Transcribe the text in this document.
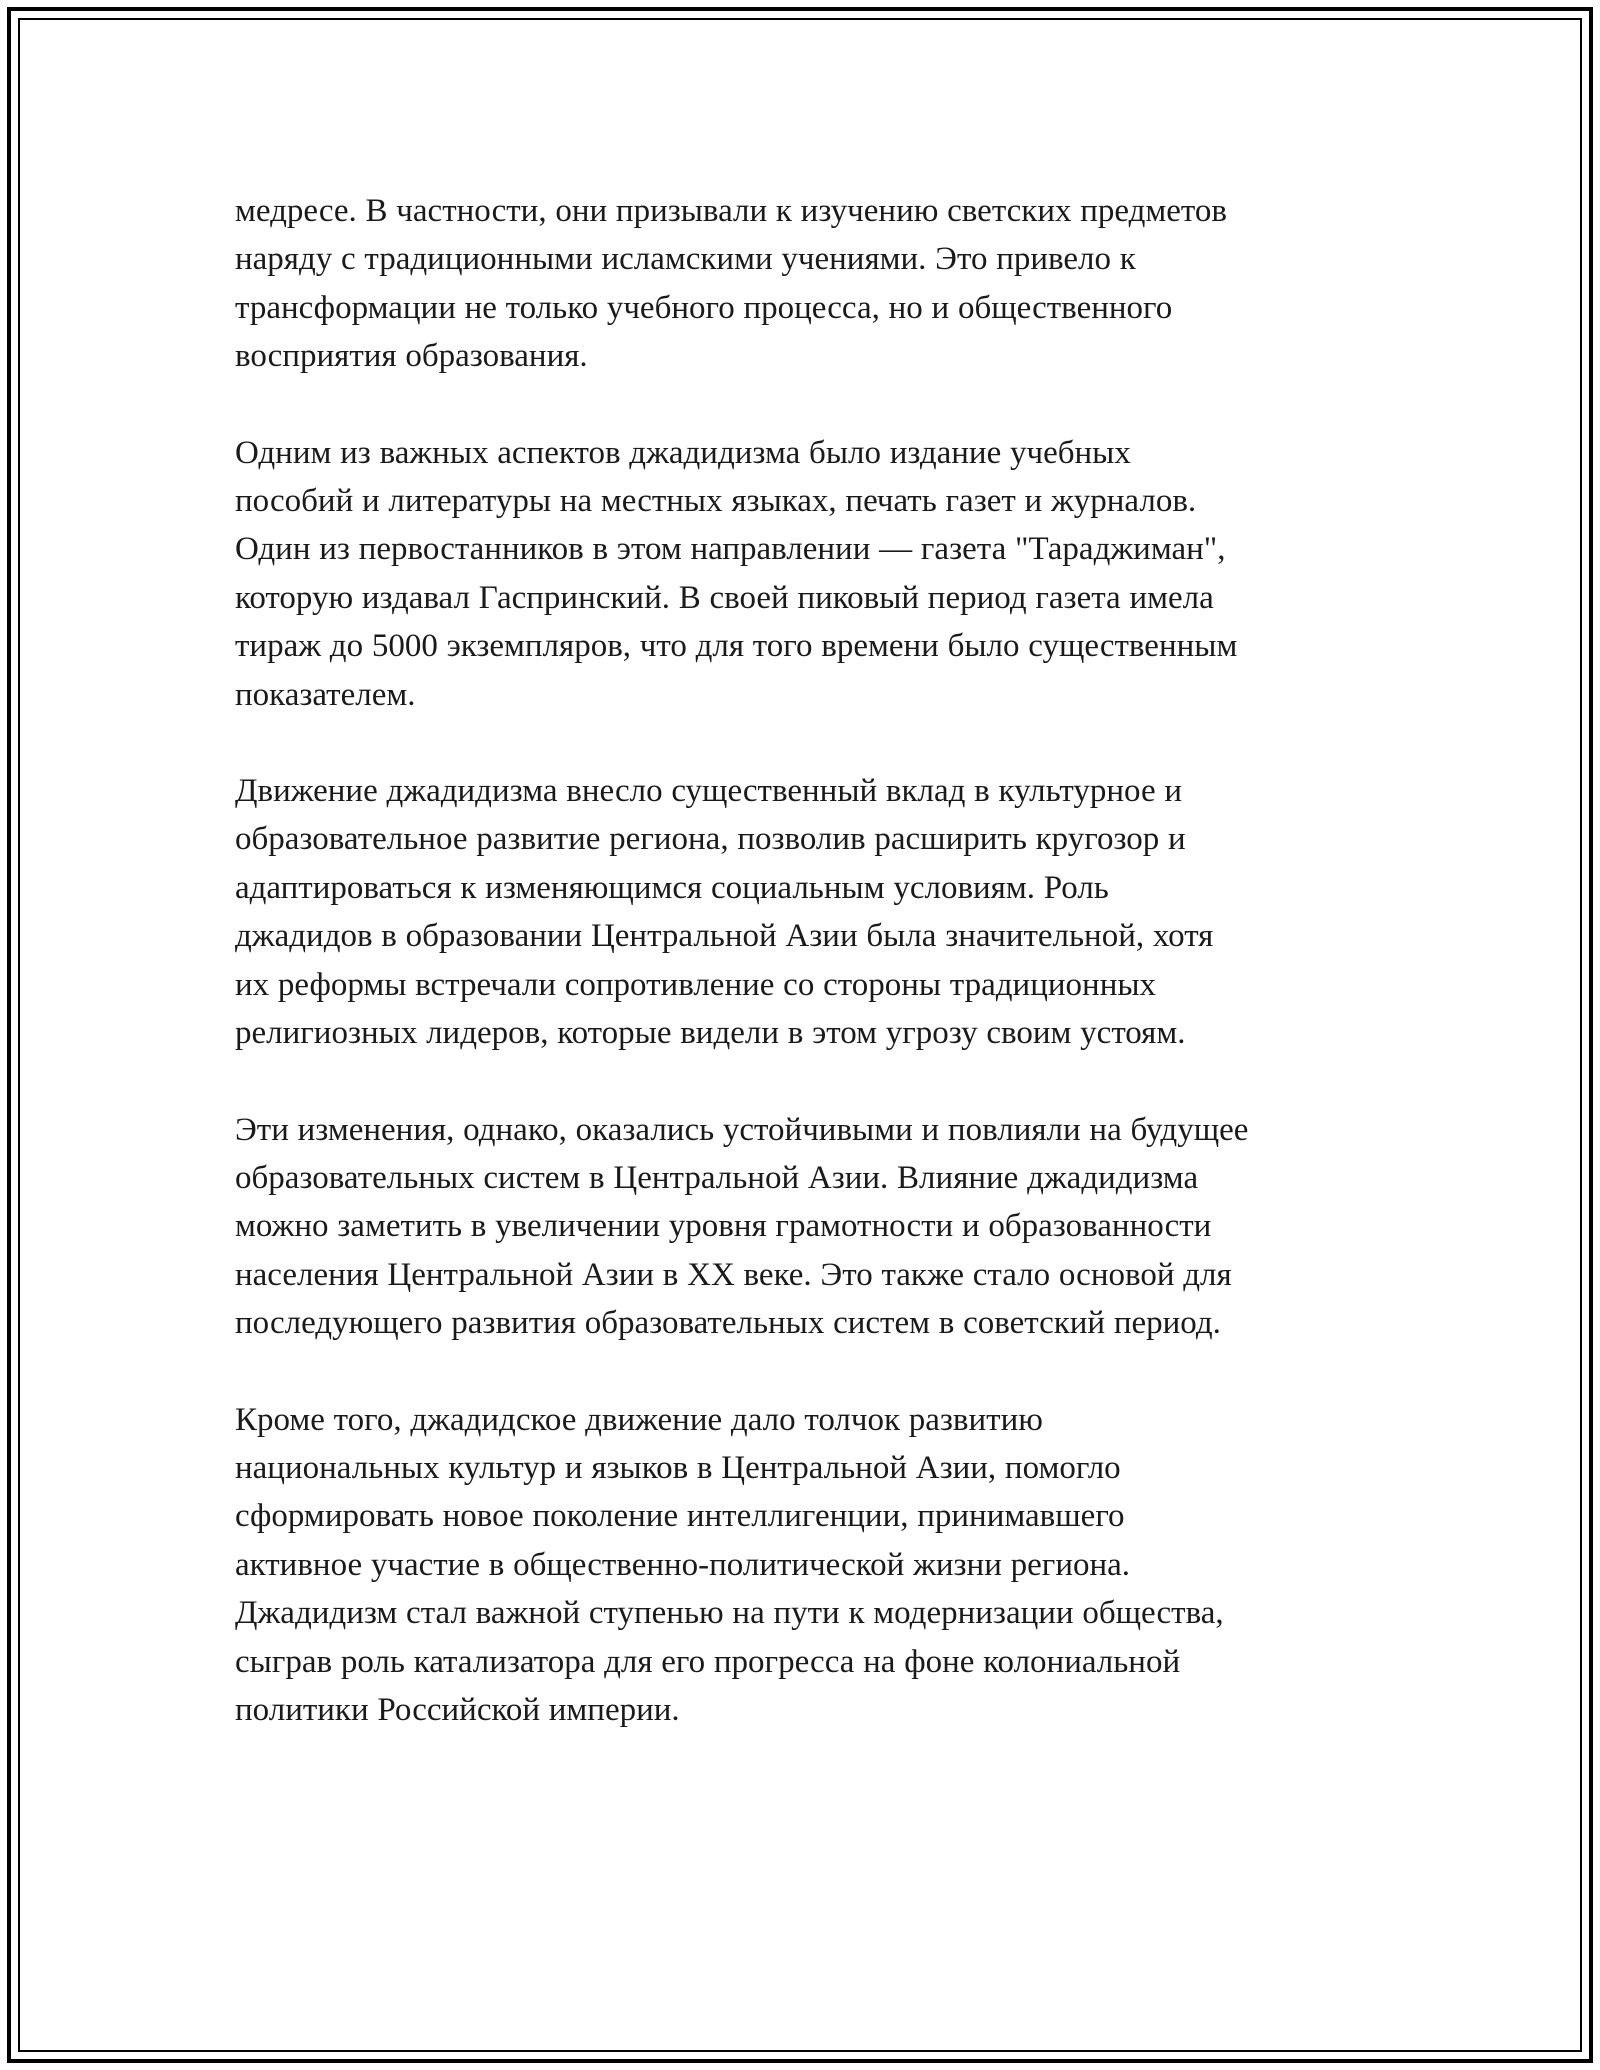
медресе. В частности, они призывали к изучению светских предметов
наряду с традиционными исламскими учениями. Это привело к
трансформации не только учебного процесса, но и общественного
восприятия образования.

Одним из важных аспектов джадидизма было издание учебных
пособий и литературы на местных языках, печать газет и журналов.
Один из первостанников в этом направлении — газета "Тараджиман",
которую издавал Гаспринский. В своей пиковый период газета имела
тираж до 5000 экземпляров, что для того времени было существенным
показателем.

Движение джадидизма внесло существенный вклад в культурное и
образовательное развитие региона, позволив расширить кругозор и
адаптироваться к изменяющимся социальным условиям. Роль
джадидов в образовании Центральной Азии была значительной, хотя
их реформы встречали сопротивление со стороны традиционных
религиозных лидеров, которые видели в этом угрозу своим устоям.

Эти изменения, однако, оказались устойчивыми и повлияли на будущее
образовательных систем в Центральной Азии. Влияние джадидизма
можно заметить в увеличении уровня грамотности и образованности
населения Центральной Азии в XX веке. Это также стало основой для
последующего развития образовательных систем в советский период.

Кроме того, джадидское движение дало толчок развитию
национальных культур и языков в Центральной Азии, помогло
сформировать новое поколение интеллигенции, принимавшего
активное участие в общественно-политической жизни региона.
Джадидизм стал важной ступенью на пути к модернизации общества,
сыграв роль катализатора для его прогресса на фоне колониальной
политики Российской империи.
